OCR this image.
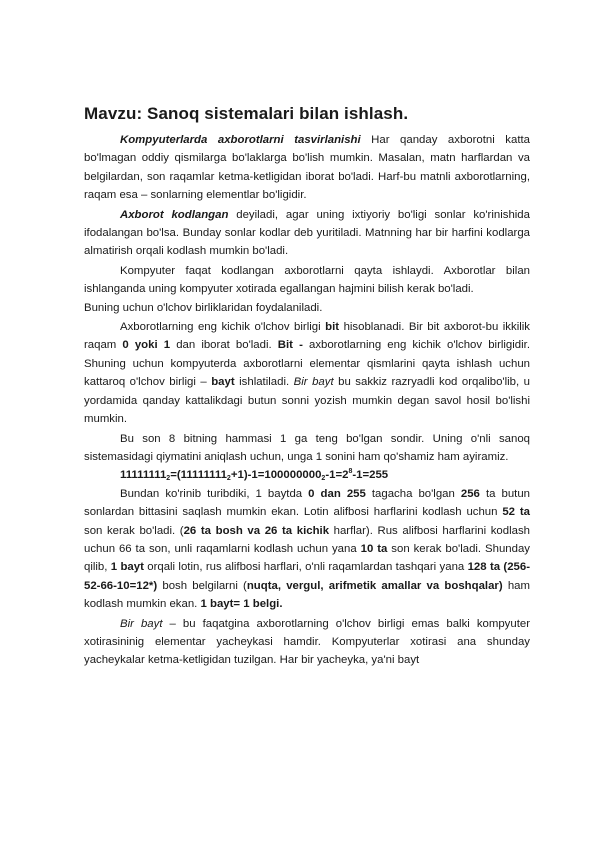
Mavzu: Sanoq sistemalari bilan ishlash.

Kompyuterlarda axborotlarni tasvirlanishi Har qanday axborotni katta bo'lmagan oddiy qismilarga bo'laklarga bo'lish mumkin. Masalan, matn harflardan va belgilardan, son raqamlar ketma-ketligidan iborat bo'ladi. Harf-bu matnli axborotlarning, raqam esa – sonlarning elementlar bo'ligidir.

Axborot kodlangan deyiladi, agar uning ixtiyoriy bo'ligi sonlar ko'rinishida ifodalangan bo'lsa. Bunday sonlar kodlar deb yuritiladi. Matnning har bir harfini kodlarga almatirish orqali kodlash mumkin bo'ladi.

Kompyuter faqat kodlangan axborotlarni qayta ishlaydi. Axborotlar bilan ishlanganda uning kompyuter xotirada egallangan hajmini bilish kerak bo'ladi.

Buning uchun o'lchov birliklaridan foydalaniladi.

Axborotlarning eng kichik o'lchov birligi bit hisoblanadi. Bir bit axborot-bu ikkilik raqam 0 yoki 1 dan iborat bo'ladi. Bit - axborotlarning eng kichik o'lchov birligidir. Shuning uchun kompyuterda axborotlarni elementar qismlarini qayta ishlash uchun kattaroq o'lchov birligi – bayt ishlatiladi. Bir bayt bu sakkiz razryadli kod orqalibo'lib, u yordamida qanday kattalikdagi butun sonni yozish mumkin degan savol hosil bo'lishi mumkin.

Bu son 8 bitning hammasi 1 ga teng bo'lgan sondir. Uning o'nli sanoq sistemasidagi qiymatini aniqlash uchun, unga 1 sonini ham qo'shamiz ham ayiramiz.

$11111111_2=(11111111_2+1)-1=100000000_2-1=2^8-1=255$

Bundan ko'rinib turibdiki, 1 baytda 0 dan 255 tagacha bo'lgan 256 ta butun sonlardan bittasini saqlash mumkin ekan. Lotin alifbosi harflarini kodlash uchun 52 ta son kerak bo'ladi. (26 ta bosh va 26 ta kichik harflar). Rus alifbosi harflarini kodlash uchun 66 ta son, unli raqamlarni kodlash uchun yana 10 ta son kerak bo'ladi. Shunday qilib, 1 bayt orqali lotin, rus alifbosi harflari, o'nli raqamlardan tashqari yana 128 ta (256-52-66-10=12*) bosh belgilarni (nuqta, vergul, arifmetik amallar va boshqalar) ham kodlash mumkin ekan. 1 bayt= 1 belgi.

Bir bayt – bu faqatgina axborotlarning o'lchov birligi emas balki kompyuter xotirasininig elementar yacheykasi hamdir. Kompyuterlar xotirasi ana shunday yacheykalar ketma-ketligidan tuzilgan. Har bir yacheyka, ya'ni bayt
